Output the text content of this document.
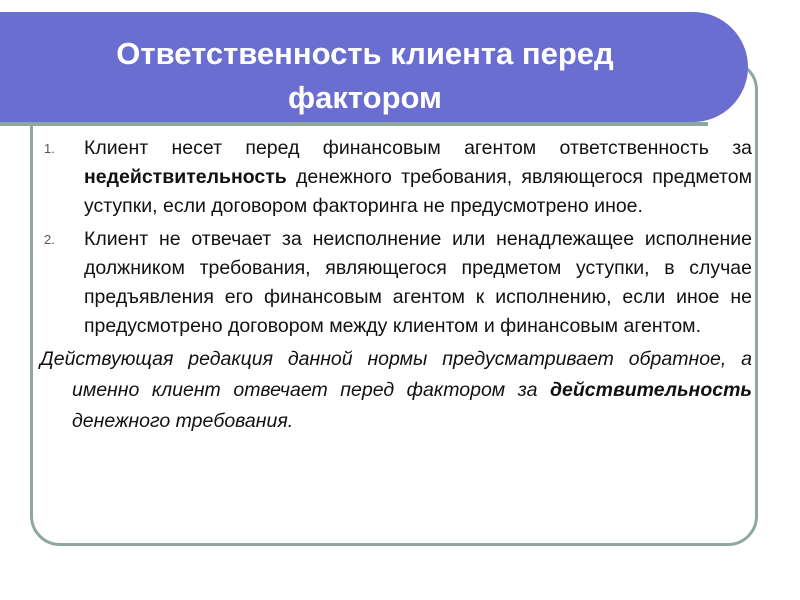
Ответственность клиента перед
фактором
1. Клиент несет перед финансовым агентом ответственность за недействительность денежного требования, являющегося предметом уступки, если договором факторинга не предусмотрено иное.

2. Клиент не отвечает за неисполнение или ненадлежащее исполнение должником требования, являющегося предметом уступки, в случае предъявления его финансовым агентом к исполнению, если иное не предусмотрено договором между клиентом и финансовым агентом.

Действующая редакция данной нормы предусматривает обратное, а именно клиент отвечает перед фактором за действительность денежного требования.
